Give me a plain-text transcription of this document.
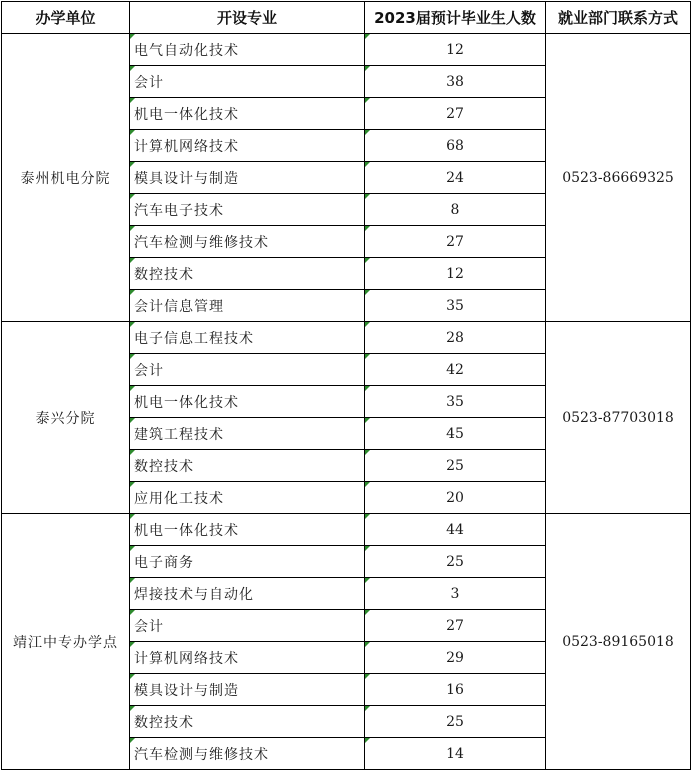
办学单位	开设专业	2023届预计毕业生人数	就业部门联系方式
泰州机电分院	电气自动化技术	12	0523-86669325
	会计	38	
	机电一体化技术	27	
	计算机网络技术	68	
	模具设计与制造	24	
	汽车电子技术	8	
	汽车检测与维修技术	27	
	数控技术	12	
	会计信息管理	35	
泰兴分院	电子信息工程技术	28	0523-87703018
	会计	42	
	机电一体化技术	35	
	建筑工程技术	45	
	数控技术	25	
	应用化工技术	20	
靖江中专办学点	机电一体化技术	44	0523-89165018
	电子商务	25	
	焊接技术与自动化	3	
	会计	27	
	计算机网络技术	29	
	模具设计与制造	16	
	数控技术	25	
	汽车检测与维修技术	14	
